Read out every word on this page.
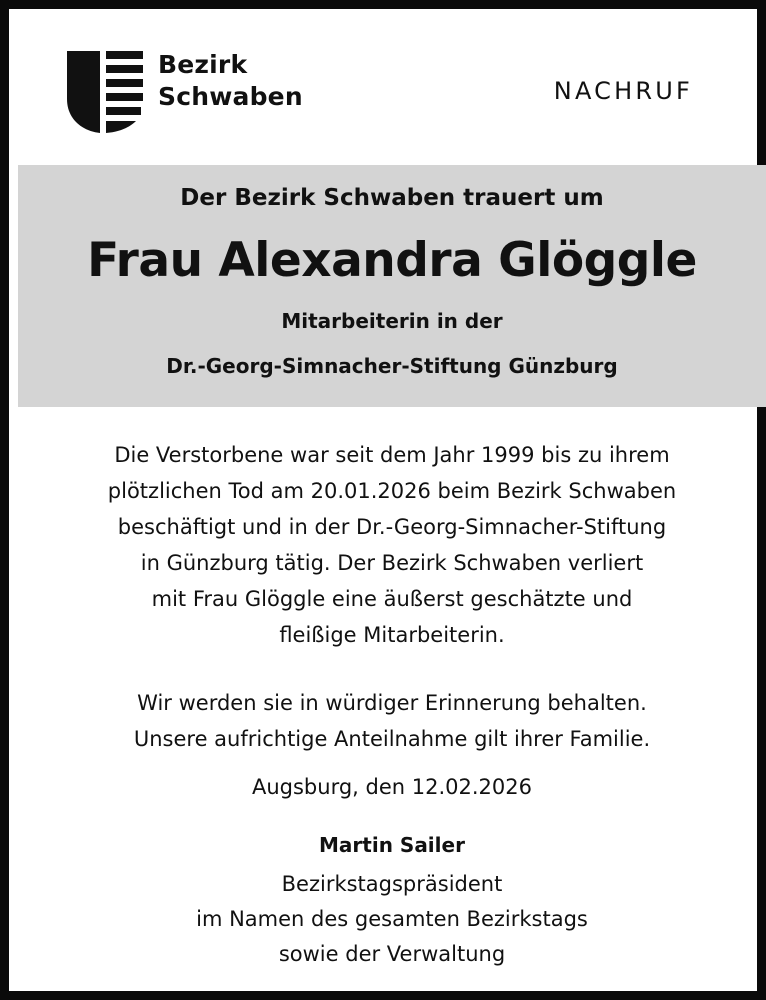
Bezirk
Schwaben	NACHRUF
Der Bezirk Schwaben trauert um
Frau Alexandra Glöggle
Mitarbeiterin in der
Dr.-Georg-Simnacher-Stiftung Günzburg
Die Verstorbene war seit dem Jahr 1999 bis zu ihrem
plötzlichen Tod am 20.01.2026 beim Bezirk Schwaben
beschäftigt und in der Dr.-Georg-Simnacher-Stiftung
in Günzburg tätig. Der Bezirk Schwaben verliert
mit Frau Glöggle eine äußerst geschätzte und
fleißige Mitarbeiterin.
Wir werden sie in würdiger Erinnerung behalten.
Unsere aufrichtige Anteilnahme gilt ihrer Familie.
Augsburg, den 12.02.2026
Martin Sailer
Bezirkstagspräsident
im Namen des gesamten Bezirkstags
sowie der Verwaltung
